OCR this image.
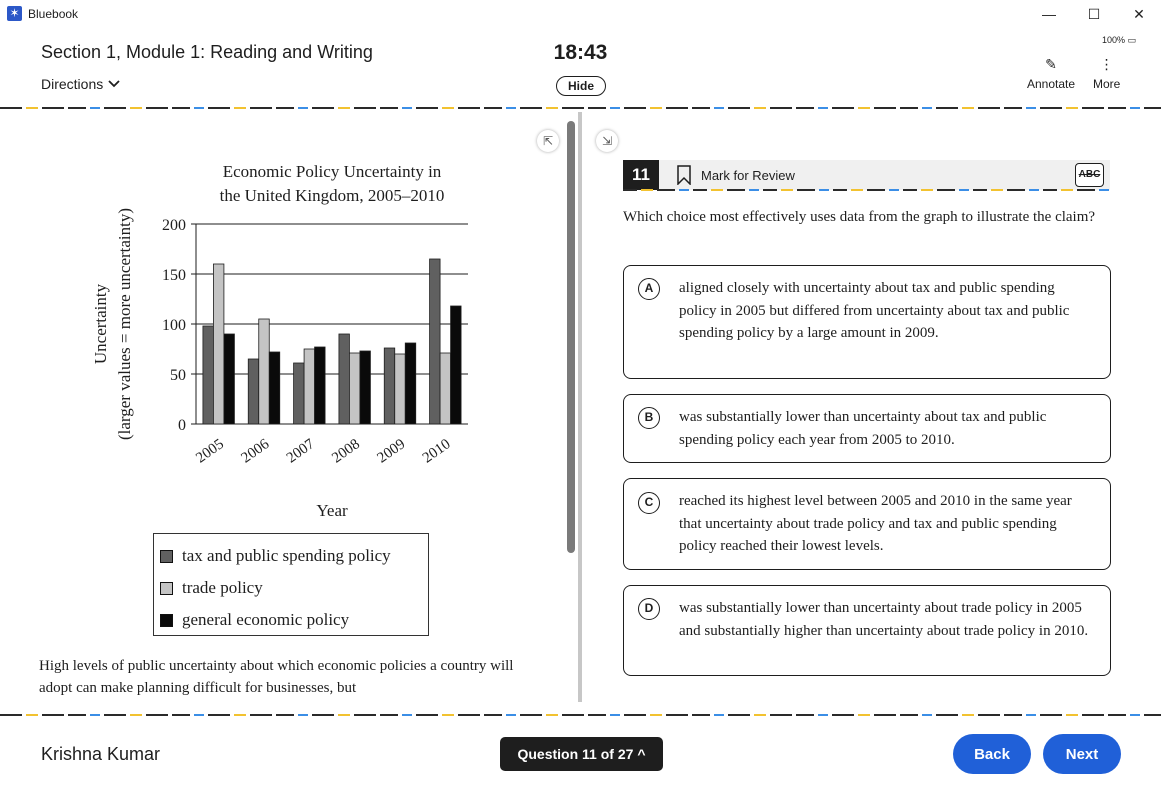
✶ Bluebook	—	☐	✕
Section 1, Module 1: Reading and Writing
Directions
18:43
Hide
100% ▭
✎
Annotate
⋮
More
⇱	⇲
Economic Policy Uncertainty in
the United Kingdom, 2005–2010
0
50
100
150
200
2005 2006 2007 2008 2009 2010
Year
Uncertainty (larger values = more uncertainty)
tax and public spending policy
trade policy
general economic policy
High levels of public uncertainty about which economic policies a country will adopt can make planning difficult for businesses, but
11	Mark for Review	ABC
Which choice most effectively uses data from the graph to illustrate the claim?
A	aligned closely with uncertainty about tax and public spending policy in 2005 but differed from uncertainty about tax and public spending policy by a large amount in 2009.
B	was substantially lower than uncertainty about tax and public spending policy each year from 2005 to 2010.
C	reached its highest level between 2005 and 2010 in the same year that uncertainty about trade policy and tax and public spending policy reached their lowest levels.
D	was substantially lower than uncertainty about trade policy in 2005 and substantially higher than uncertainty about trade policy in 2010.
Krishna Kumar	Question 11 of 27 ^	Back	Next
